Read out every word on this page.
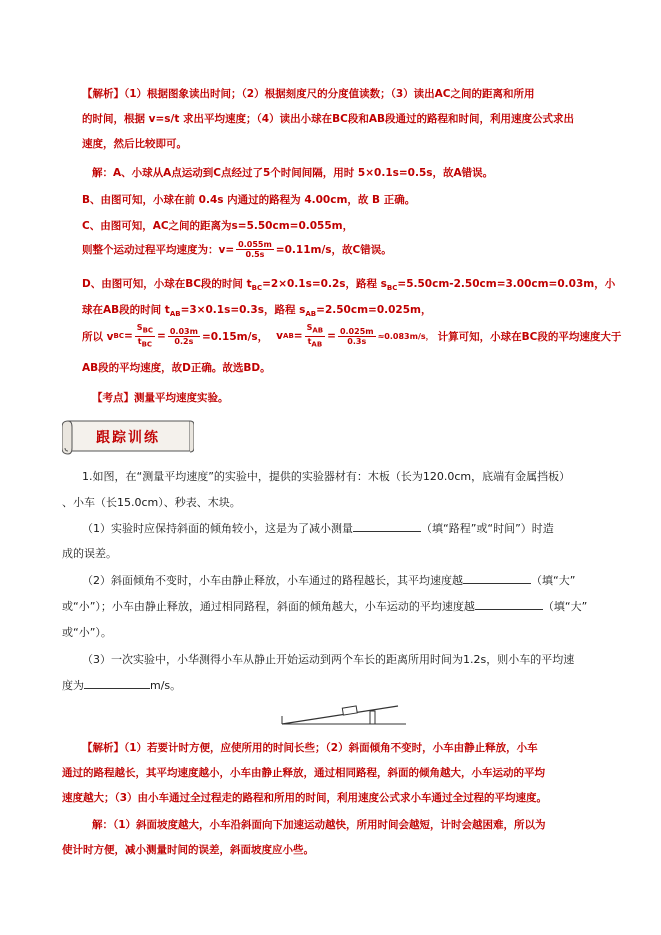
【解析】（1）根据图象读出时间；（2）根据刻度尺的分度值读数；（3）读出AC之间的距离和所用
的时间，根据 v=s/t 求出平均速度；（4）读出小球在BC段和AB段通过的路程和时间，利用速度公式求出
速度，然后比较即可。
解：A、小球从A点运动到C点经过了5个时间间隔，用时 5×0.1s=0.5s，故A错误。
B、由图可知，小球在前 0.4s 内通过的路程为 4.00cm，故 B 正确。
C、由图可知，AC之间的距离为s=5.50cm=0.055m，
则整个运动过程平均速度为：$v= \frac{0.055m}{0.5s} =0.11m/s$，故C错误。
D、由图可知，小球在BC段的时间 $t_{BC}=2\times 0.1s=0.2s$，路程 $s_{BC}=5.50cm-2.50cm=3.00cm=0.03m$，小
球在AB段的时间 $t_{AB}=3\times 0.1s=0.3s$，路程 $s_{AB}=2.50cm=0.025m$，
所以 v BC = $\frac{\text{SBC}}{\text{tBC}} = \frac{0.03m}{0.2s} =0.15m/s$， v AB = $\frac{\text{SAB}}{\text{tAB}} = \frac{0.025m}{0.3s} \approx 0.083m/s$， 计算可知，小球在BC段的平均速度大于
AB段的平均速度，故D正确。故选BD。
【考点】测量平均速度实验。
跟踪训练
1.如图，在“测量平均速度”的实验中，提供的实验器材有：木板（长为120.0cm，底端有金属挡板）
、小车（长15.0cm）、秒表、木块。
（1）实验时应保持斜面的倾角较小，这是为了减小测量	（填“路程”或“时间”）时造
成的误差。
（2）斜面倾角不变时，小车由静止释放，小车通过的路程越长，其平均速度越	（填“大”
或“小”）；小车由静止释放，通过相同路程，斜面的倾角越大，小车运动的平均速度越	（填“大”
或“小”）。
（3）一次实验中，小华测得小车从静止开始运动到两个车长的距离所用时间为1.2s，则小车的平均速
度为	m/s。
【解析】（1）若要计时方便，应使所用的时间长些；（2）斜面倾角不变时，小车由静止释放，小车
通过的路程越长，其平均速度越小，小车由静止释放，通过相同路程，斜面的倾角越大，小车运动的平均
速度越大；（3）由小车通过全过程走的路程和所用的时间，利用速度公式求小车通过全过程的平均速度。
解：（1）斜面坡度越大，小车沿斜面向下加速运动越快，所用时间会越短，计时会越困难，所以为
使计时方便，减小测量时间的误差，斜面坡度应小些。
